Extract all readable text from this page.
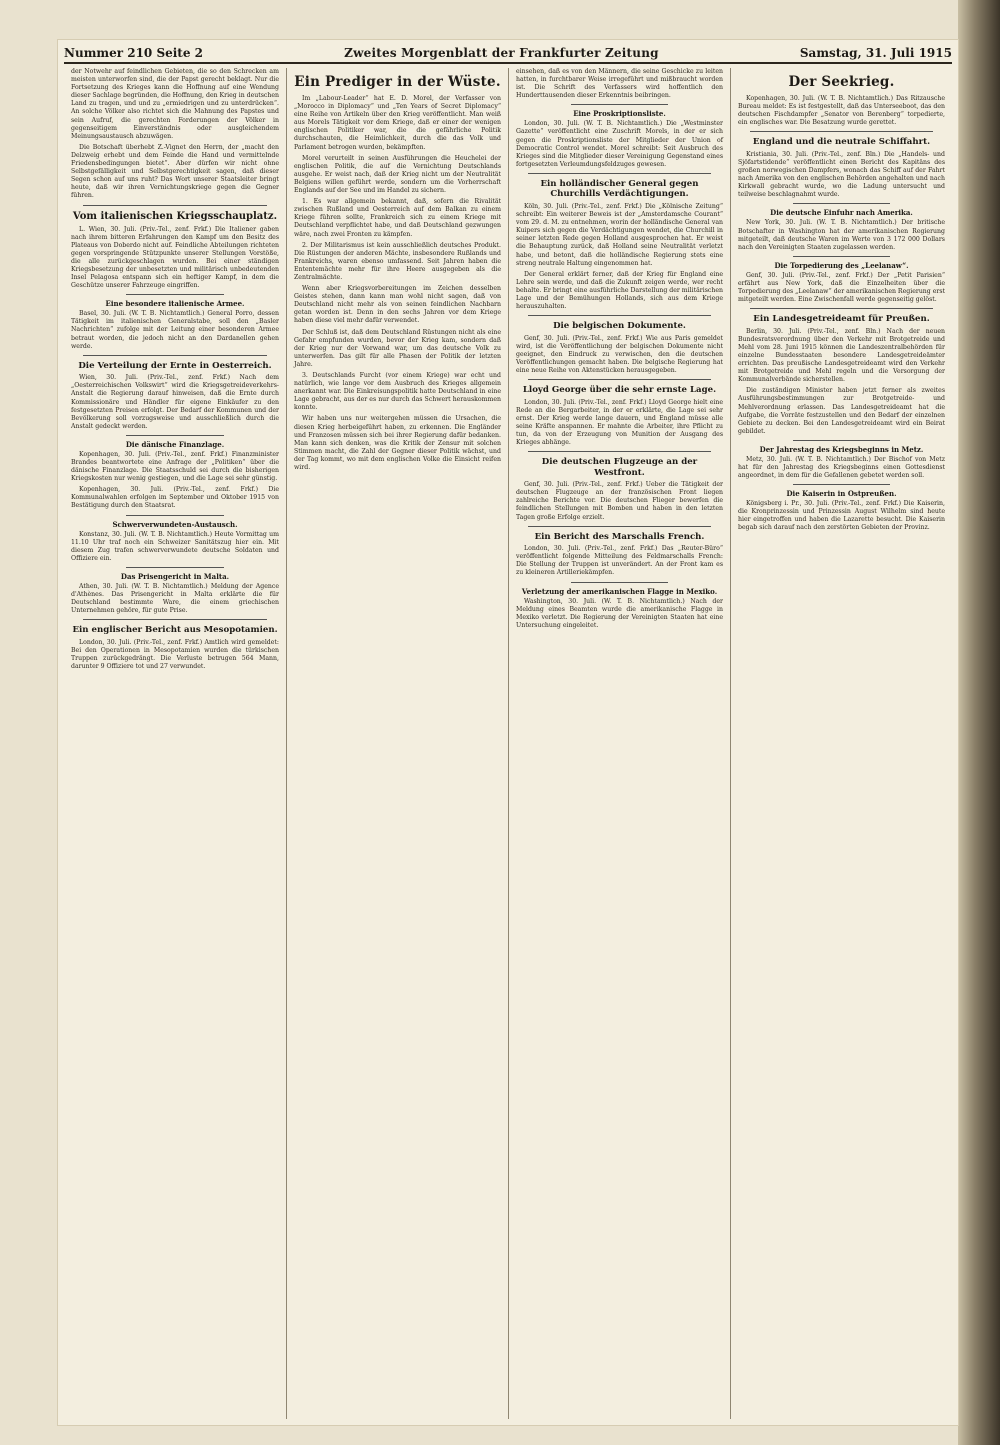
Nummer 210 Seite 2	Zweites Morgenblatt der Frankfurter Zeitung	Samstag, 31. Juli 1915

der Notwehr auf feindlichen Gebieten, die so den Schrecken am meisten unterworfen sind, die der Papst gerecht beklagt. Nur die Fortsetzung des Krieges kann die Hoffnung auf eine Wendung dieser Sachlage begründen, die Hoffnung, den Krieg in deutschen Land zu tragen, und und zu „ermiedrigen und zu unterdrücken“. An solche Völker also richtet sich die Mahnung des Papstes und sein Aufruf, die gerechten Forderungen der Völker in gegenseitigem Einverständnis oder ausgleichendem Meinungsaustausch abzuwägen.

Die Botschaft überhebt Z.-Vignet den Herrn, der „macht den Delzweig erhebt und dem Feinde die Hand und vermittelnde Friedensbedingungen bietet“. Aber dürfen wir nicht ohne Selbstgefälligkeit und Selbstgerechtigkeit sagen, daß dieser Segen schon auf uns ruht? Das Wort unserer Staatsleiter bringt heute, daß wir ihren Vernichtungskriege gegen die Gegner führen.

Vom italienischen Kriegsschauplatz.

L. Wien, 30. Juli. (Priv.-Tel., zenf. Frkf.) Die Italiener gaben nach ihrem bitteren Erfahrungen den Kampf um den Besitz des Plateaus von Doberdo nicht auf. Feindliche Abteilungen richteten gegen vorspringende Stützpunkte unserer Stellungen Vorstöße, die alle zurückgeschlagen wurden. Bei einer ständigen Kriegsbesetzung der unbesetzten und militärisch unbedeutenden Insel Pelagosa entspann sich ein heftiger Kampf, in dem die Geschütze unserer Fahrzeuge eingriffen.

Eine besondere italienische Armee.

Basel, 30. Juli. (W. T. B. Nichtamtlich.) General Porro, dessen Tätigkeit im italienischen Generalstabe, soll den „Basler Nachrichten“ zufolge mit der Leitung einer besonderen Armee betraut worden, die jedoch nicht an den Dardanellen gehen werde.

Die Verteilung der Ernte in Oesterreich.

Wien, 30. Juli. (Priv.-Tel., zenf. Frkf.) Nach dem „Oesterreichischen Volkswirt“ wird die Kriegsgetreideverkehrs-Anstalt die Regierung darauf hinweisen, daß die Ernte durch Kommissionäre und Händler für eigene Einkäufer zu den festgesetzten Preisen erfolgt. Der Bedarf der Kommunen und der Bevölkerung soll vorzugsweise und ausschließlich durch die Anstalt gedeckt werden.

Die dänische Finanzlage.

Kopenhagen, 30. Juli. (Priv.-Tel., zenf. Frkf.) Finanzminister Brandes beantwortete eine Anfrage der „Politiken“ über die dänische Finanzlage. Die Staatsschuld sei durch die bisherigen Kriegskosten nur wenig gestiegen, und die Lage sei sehr günstig.

Kopenhagen, 30. Juli. (Priv.-Tel., zenf. Frkf.) Die Kommunalwahlen erfolgen im September und Oktober 1915 von Bestätigung durch den Staatsrat.

Schwerverwundeten-Austausch.

Konstanz, 30. Juli. (W. T. B. Nichtamtlich.) Heute Vormittag um 11.10 Uhr traf noch ein Schweizer Sanitätszug hier ein. Mit diesem Zug trafen schwerverwundete deutsche Soldaten und Offiziere ein.

Das Prisengericht in Malta.

Athen, 30. Juli. (W. T. B. Nichtamtlich.) Meldung der Agence d'Athènes. Das Prisengericht in Malta erklärte die für Deutschland bestimmte Ware, die einem griechischen Unternehmen gehöre, für gute Prise.

Ein englischer Bericht aus Mesopotamien.

London, 30. Juli. (Priv.-Tel., zenf. Frkf.) Amtlich wird gemeldet: Bei den Operationen in Mesopotamien wurden die türkischen Truppen zurückgedrängt. Die Verluste betrugen 564 Mann, darunter 9 Offiziere tot und 27 verwundet.

Ein Prediger in der Wüste.

Im „Labour-Leader“ hat E. D. Morel, der Verfasser von „Morocco in Diplomacy“ und „Ten Years of Secret Diplomacy“ eine Reihe von Artikeln über den Krieg veröffentlicht. Man weiß aus Morels Tätigkeit vor dem Kriege, daß er einer der wenigen englischen Politiker war, die die gefährliche Politik durchschauten, die Heimlichkeit, durch die das Volk und Parlament betrogen wurden, bekämpften.

Morel verurteilt in seinen Ausführungen die Heuchelei der englischen Politik, die auf die Vernichtung Deutschlands ausgehe. Er weist nach, daß der Krieg nicht um der Neutralität Belgiens willen geführt werde, sondern um die Vorherrschaft Englands auf der See und im Handel zu sichern.

1. Es war allgemein bekannt, daß, sofern die Rivalität zwischen Rußland und Oesterreich auf dem Balkan zu einem Kriege führen sollte, Frankreich sich zu einem Kriege mit Deutschland verpflichtet habe, und daß Deutschland gezwungen wäre, nach zwei Fronten zu kämpfen.

2. Der Militarismus ist kein ausschließlich deutsches Produkt. Die Rüstungen der anderen Mächte, insbesondere Rußlands und Frankreichs, waren ebenso umfassend. Seit Jahren haben die Ententemächte mehr für ihre Heere ausgegeben als die Zentralmächte.

Wenn aber Kriegsvorbereitungen im Zeichen desselben Geistes stehen, dann kann man wohl nicht sagen, daß von Deutschland nicht mehr als von seinen feindlichen Nachbarn getan worden ist. Denn in den sechs Jahren vor dem Kriege haben diese viel mehr dafür verwendet.

Der Schluß ist, daß dem Deutschland Rüstungen nicht als eine Gefahr empfunden wurden, bevor der Krieg kam, sondern daß der Krieg nur der Vorwand war, um das deutsche Volk zu unterwerfen. Das gilt für alle Phasen der Politik der letzten Jahre.

3. Deutschlands Furcht (vor einem Kriege) war echt und natürlich, wie lange vor dem Ausbruch des Krieges allgemein anerkannt war. Die Einkreisungspolitik hatte Deutschland in eine Lage gebracht, aus der es nur durch das Schwert herauskommen konnte.

Wir haben uns nur weitergehen müssen die Ursachen, die diesen Krieg herbeigeführt haben, zu erkennen. Die Engländer und Franzosen müssen sich bei ihrer Regierung dafür bedanken. Man kann sich denken, was die Kritik der Zensur mit solchen Stimmen macht, die Zahl der Gegner dieser Politik wächst, und der Tag kommt, wo mit dem englischen Volke die Einsicht reifen wird.

einsehen, daß es von den Männern, die seine Geschicke zu leiten hatten, in furchtbarer Weise irregeführt und mißbraucht worden ist. Die Schrift des Verfassers wird hoffentlich den Hunderttausenden dieser Erkenntnis beibringen.

Eine Proskriptionsliste.

London, 30. Juli. (W. T. B. Nichtamtlich.) Die „Westminster Gazette“ veröffentlicht eine Zuschrift Morels, in der er sich gegen die Proskriptionsliste der Mitglieder der Union of Democratic Control wendet. Morel schreibt: Seit Ausbruch des Krieges sind die Mitglieder dieser Vereinigung Gegenstand eines fortgesetzten Verleumdungsfeldzuges gewesen.

Ein holländischer General gegen Churchills Verdächtigungen.

Köln, 30. Juli. (Priv.-Tel., zenf. Frkf.) Die „Kölnische Zeitung“ schreibt: Ein weiterer Beweis ist der „Amsterdamsche Courant“ vom 29. d. M. zu entnehmen, worin der holländische General van Kuipers sich gegen die Verdächtigungen wendet, die Churchill in seiner letzten Rede gegen Holland ausgesprochen hat. Er weist die Behauptung zurück, daß Holland seine Neutralität verletzt habe, und betont, daß die holländische Regierung stets eine streng neutrale Haltung eingenommen hat.

Der General erklärt ferner, daß der Krieg für England eine Lehre sein werde, und daß die Zukunft zeigen werde, wer recht behalte. Er bringt eine ausführliche Darstellung der militärischen Lage und der Bemühungen Hollands, sich aus dem Kriege herauszuhalten.

Die belgischen Dokumente.

Genf, 30. Juli. (Priv.-Tel., zenf. Frkf.) Wie aus Paris gemeldet wird, ist die Veröffentlichung der belgischen Dokumente nicht geeignet, den Eindruck zu verwischen, den die deutschen Veröffentlichungen gemacht haben. Die belgische Regierung hat eine neue Reihe von Aktenstücken herausgegeben.

Lloyd George über die sehr ernste Lage.

London, 30. Juli. (Priv.-Tel., zenf. Frkf.) Lloyd George hielt eine Rede an die Bergarbeiter, in der er erklärte, die Lage sei sehr ernst. Der Krieg werde lange dauern, und England müsse alle seine Kräfte anspannen. Er mahnte die Arbeiter, ihre Pflicht zu tun, da von der Erzeugung von Munition der Ausgang des Krieges abhänge.

Die deutschen Flugzeuge an der Westfront.

Genf, 30. Juli. (Priv.-Tel., zenf. Frkf.) Ueber die Tätigkeit der deutschen Flugzeuge an der französischen Front liegen zahlreiche Berichte vor. Die deutschen Flieger bewerfen die feindlichen Stellungen mit Bomben und haben in den letzten Tagen große Erfolge erzielt.

Ein Bericht des Marschalls French.

London, 30. Juli. (Priv.-Tel., zenf. Frkf.) Das „Reuter-Büro“ veröffentlicht folgende Mitteilung des Feldmarschalls French: Die Stellung der Truppen ist unverändert. An der Front kam es zu kleineren Artilleriekämpfen.

Verletzung der amerikanischen Flagge in Mexiko.

Washington, 30. Juli. (W. T. B. Nichtamtlich.) Nach der Meldung eines Beamten wurde die amerikanische Flagge in Mexiko verletzt. Die Regierung der Vereinigten Staaten hat eine Untersuchung eingeleitet.

Der Seekrieg.

Kopenhagen, 30. Juli. (W. T. B. Nichtamtlich.) Das Ritzausche Bureau meldet: Es ist festgestellt, daß das Unterseeboot, das den deutschen Fischdampfer „Senator von Berenberg“ torpedierte, ein englisches war. Die Besatzung wurde gerettet.

England und die neutrale Schiffahrt.

Kristiania, 30. Juli. (Priv.-Tel., zenf. Bln.) Die „Handels- und Sjöfartstidende“ veröffentlicht einen Bericht des Kapitäns des großen norwegischen Dampfers, wonach das Schiff auf der Fahrt nach Amerika von den englischen Behörden angehalten und nach Kirkwall gebracht wurde, wo die Ladung untersucht und teilweise beschlagnahmt wurde.

Die deutsche Einfuhr nach Amerika.

New York, 30. Juli. (W. T. B. Nichtamtlich.) Der britische Botschafter in Washington hat der amerikanischen Regierung mitgeteilt, daß deutsche Waren im Werte von 3 172 000 Dollars nach den Vereinigten Staaten zugelassen werden.

Die Torpedierung des „Leelanaw“.

Genf, 30. Juli. (Priv.-Tel., zenf. Frkf.) Der „Petit Parisien“ erfährt aus New York, daß die Einzelheiten über die Torpedierung des „Leelanaw“ der amerikanischen Regierung erst mitgeteilt werden. Eine Zwischenfall werde gegenseitig gelöst.

Ein Landesgetreideamt für Preußen.

Berlin, 30. Juli. (Priv.-Tel., zenf. Bln.) Nach der neuen Bundesratsverordnung über den Verkehr mit Brotgetreide und Mehl vom 28. Juni 1915 können die Landeszentralbehörden für einzelne Bundesstaaten besondere Landesgetreideämter errichten. Das preußische Landesgetreideamt wird den Verkehr mit Brotgetreide und Mehl regeln und die Versorgung der Kommunalverbände sicherstellen.

Die zuständigen Minister haben jetzt ferner als zweites Ausführungsbestimmungen zur Brotgetreide- und Mehlverordnung erlassen. Das Landesgetreideamt hat die Aufgabe, die Vorräte festzustellen und den Bedarf der einzelnen Gebiete zu decken. Bei den Landesgetreideamt wird ein Beirat gebildet.

Der Jahrestag des Kriegsbeginns in Metz.

Metz, 30. Juli. (W. T. B. Nichtamtlich.) Der Bischof von Metz hat für den Jahrestag des Kriegsbeginns einen Gottesdienst angeordnet, in dem für die Gefallenen gebetet werden soll.

Die Kaiserin in Ostpreußen.

Königsberg i. Pr., 30. Juli. (Priv.-Tel., zenf. Frkf.) Die Kaiserin, die Kronprinzessin und Prinzessin August Wilhelm sind heute hier eingetroffen und haben die Lazarette besucht. Die Kaiserin begab sich darauf nach den zerstörten Gebieten der Provinz.
